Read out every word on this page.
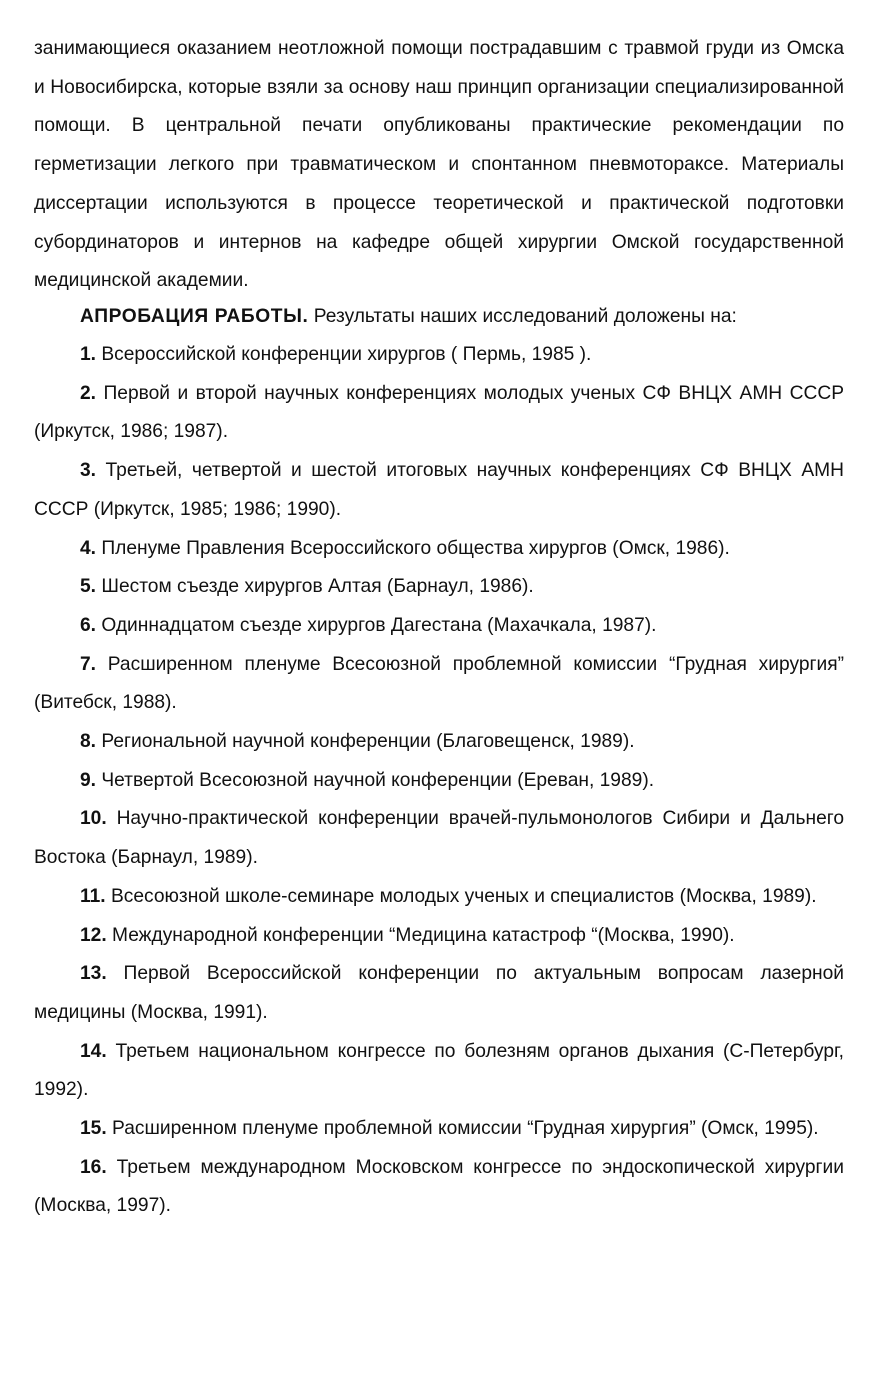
занимающиеся оказанием неотложной помощи пострадавшим с травмой груди из Омска и Новосибирска, которые взяли за основу наш принцип организации специализированной помощи. В центральной печати опубликованы практические рекомендации по герметизации легкого при травматическом и спонтанном пневмотораксе. Материалы диссертации используются в процессе теоретической и практической подготовки субординаторов и интернов на кафедре общей хирургии Омской государственной медицинской академии.

АПРОБАЦИЯ РАБОТЫ. Результаты наших исследований доложены на:

1. Всероссийской конференции хирургов ( Пермь, 1985 ).

2. Первой и второй научных конференциях молодых ученых СФ ВНЦХ АМН СССР (Иркутск, 1986; 1987).

3. Третьей, четвертой и шестой итоговых научных конференциях СФ ВНЦХ АМН СССР (Иркутск, 1985; 1986; 1990).

4. Пленуме Правления Всероссийского общества хирургов (Омск, 1986).

5. Шестом съезде хирургов Алтая (Барнаул, 1986).

6. Одиннадцатом съезде хирургов Дагестана (Махачкала, 1987).

7. Расширенном пленуме Всесоюзной проблемной комиссии “Грудная хирургия” (Витебск, 1988).

8. Региональной научной конференции (Благовещенск, 1989).

9. Четвертой Всесоюзной научной конференции (Ереван, 1989).

10. Научно-практической конференции врачей-пульмонологов Сибири и Дальнего Востока (Барнаул, 1989).

11. Всесоюзной школе-семинаре молодых ученых и специалистов (Москва, 1989).

12. Международной конференции “Медицина катастроф “(Москва, 1990).

13. Первой Всероссийской конференции по актуальным вопросам лазерной медицины (Москва, 1991).

14. Третьем национальном конгрессе по болезням органов дыхания (С-Петербург, 1992).

15. Расширенном пленуме проблемной комиссии “Грудная хирургия” (Омск, 1995).

16. Третьем международном Московском конгрессе по эндоскопической хирургии (Москва, 1997).
